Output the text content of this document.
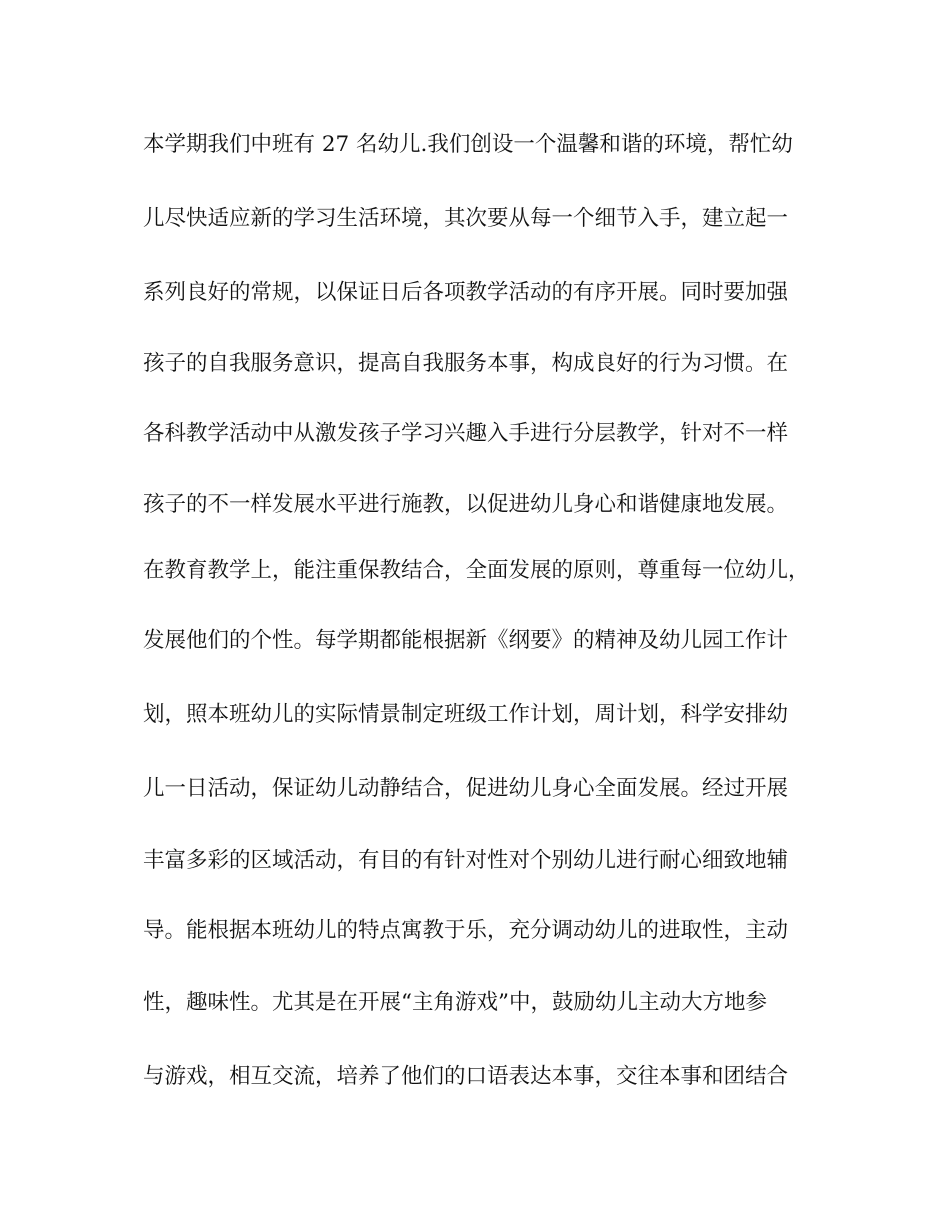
本学期我们中班有 27 名幼儿.我们创设一个温馨和谐的环境，帮忙幼
儿尽快适应新的学习生活环境，其次要从每一个细节入手，建立起一
系列良好的常规，以保证日后各项教学活动的有序开展。同时要加强
孩子的自我服务意识，提高自我服务本事，构成良好的行为习惯。在
各科教学活动中从激发孩子学习兴趣入手进行分层教学，针对不一样
孩子的不一样发展水平进行施教，以促进幼儿身心和谐健康地发展。
在教育教学上，能注重保教结合，全面发展的原则，尊重每一位幼儿，
发展他们的个性。每学期都能根据新《纲要》的精神及幼儿园工作计
划，照本班幼儿的实际情景制定班级工作计划，周计划，科学安排幼
儿一日活动，保证幼儿动静结合，促进幼儿身心全面发展。经过开展
丰富多彩的区域活动，有目的有针对性对个别幼儿进行耐心细致地辅
导。能根据本班幼儿的特点寓教于乐，充分调动幼儿的进取性，主动
性，趣味性。尤其是在开展“主角游戏”中，鼓励幼儿主动大方地参
与游戏，相互交流，培养了他们的口语表达本事，交往本事和团结合
